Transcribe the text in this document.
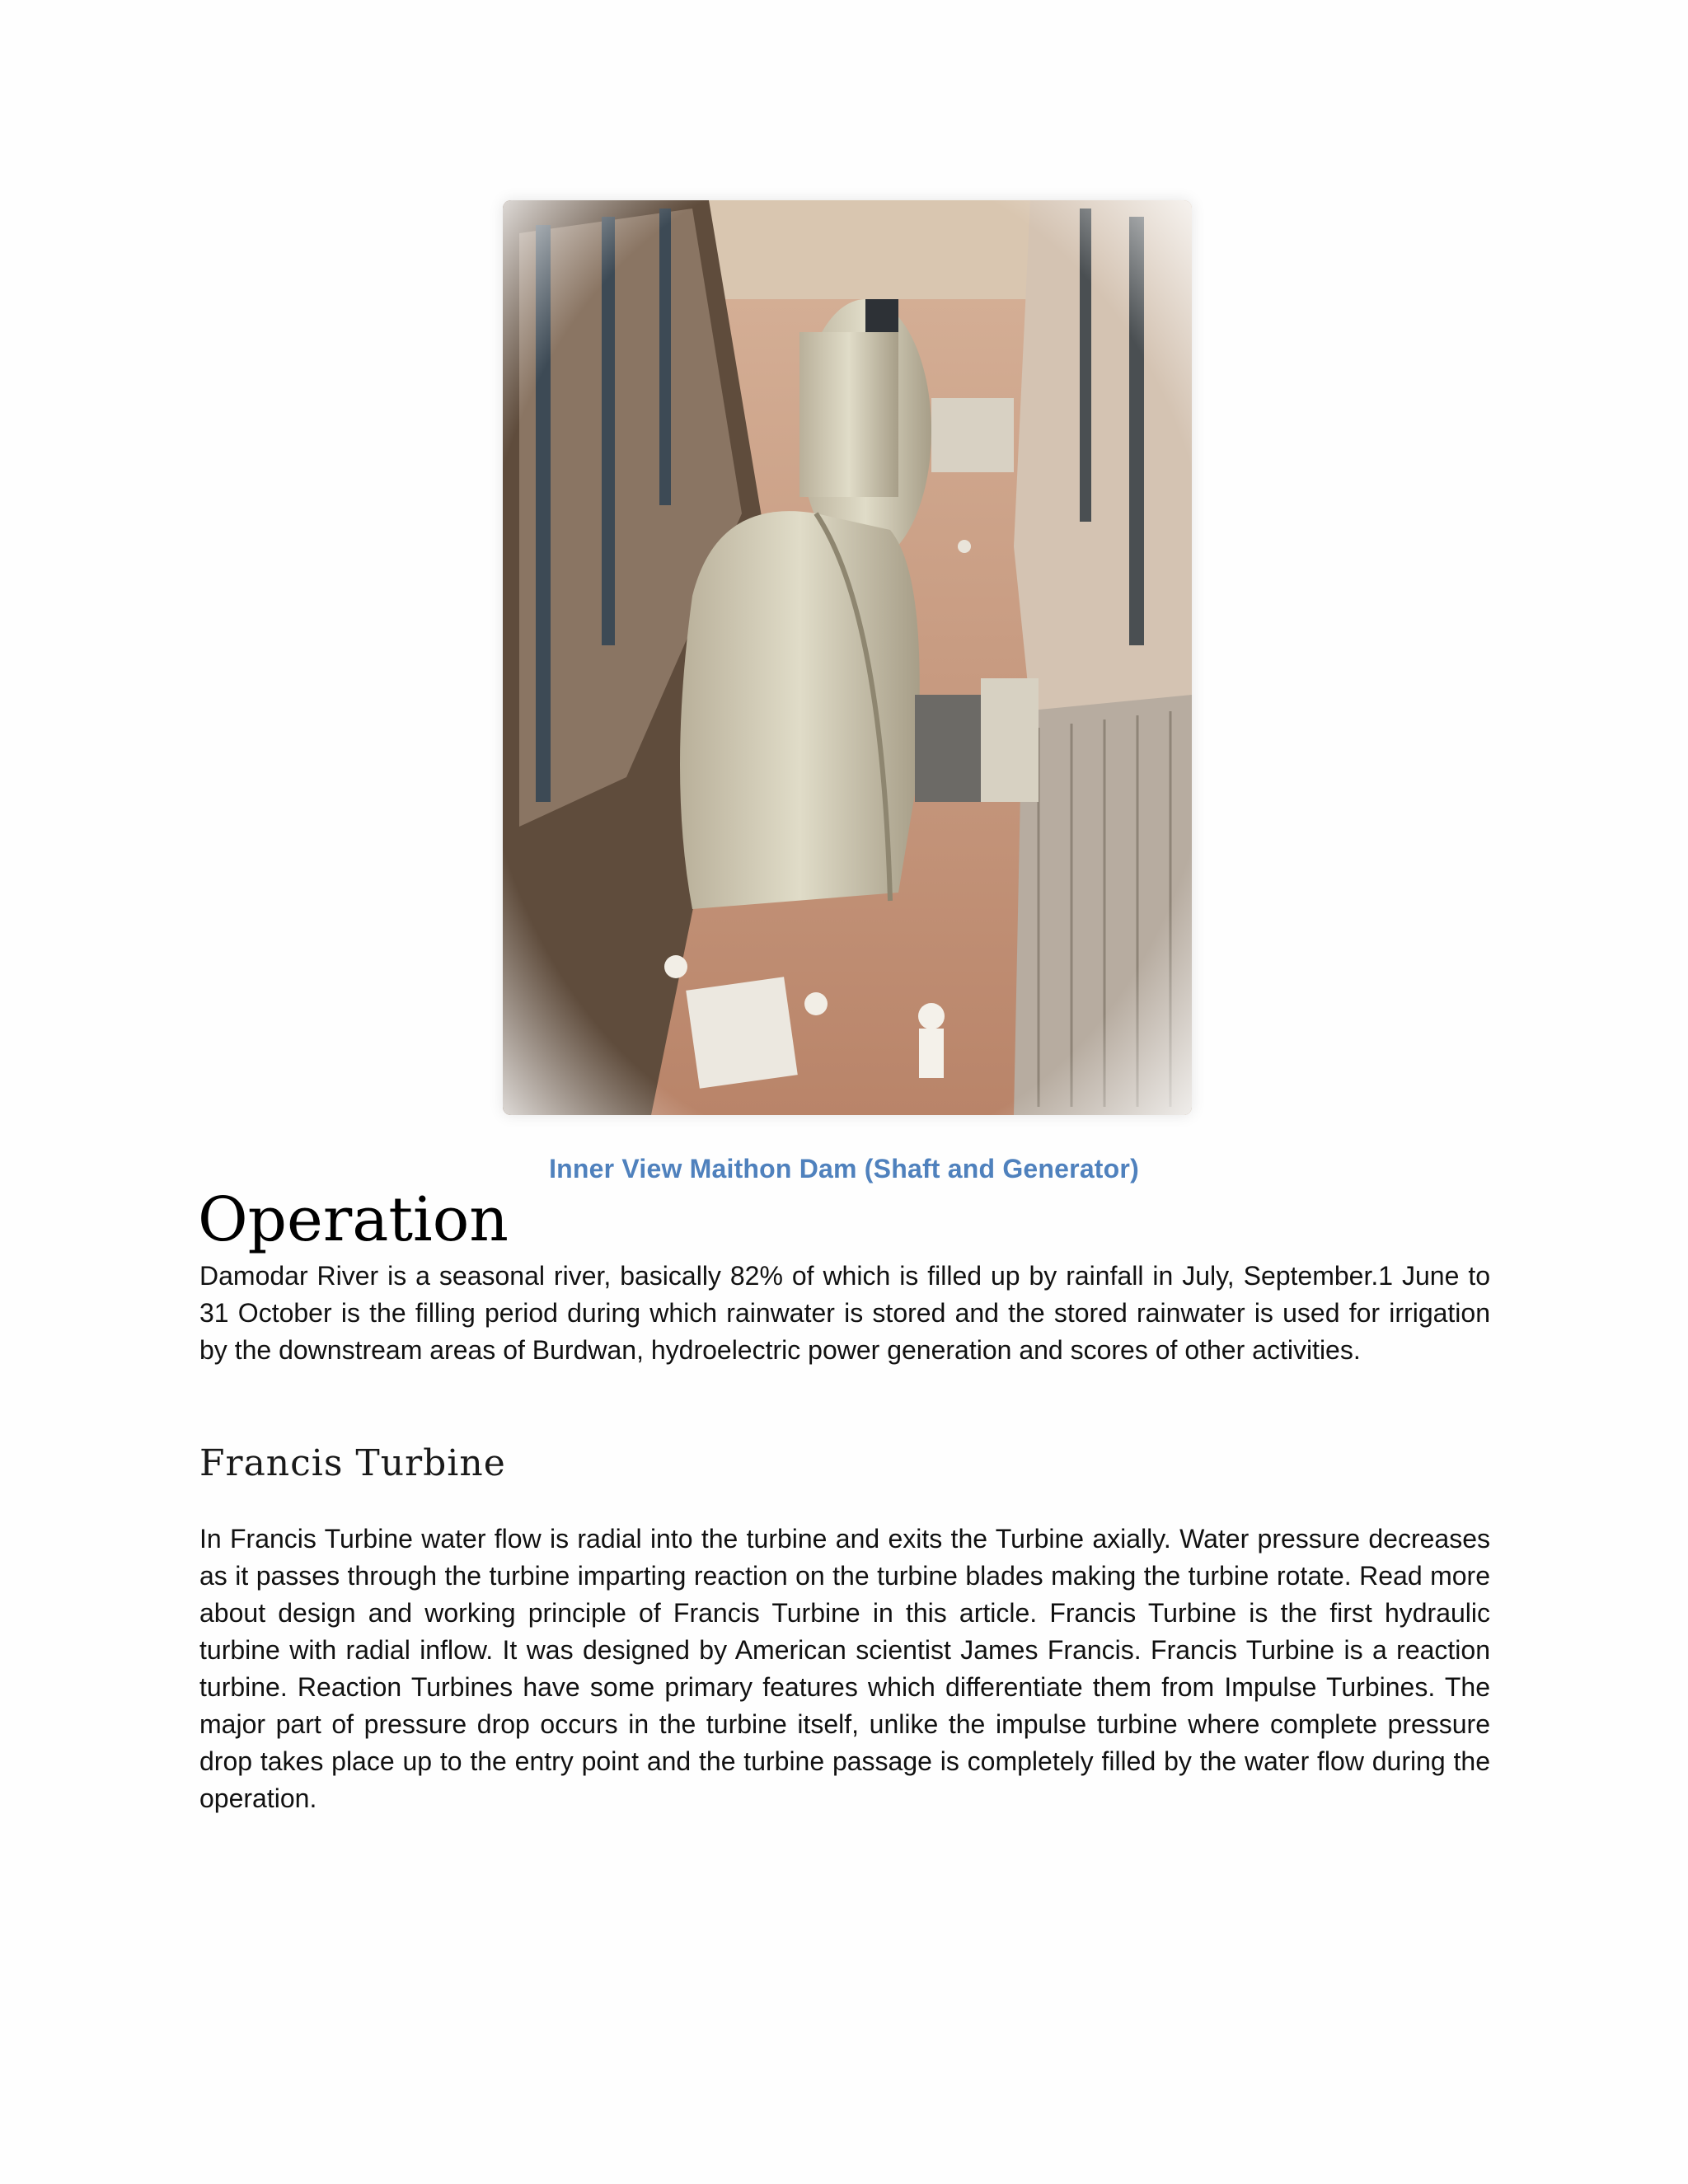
Inner View Maithon Dam (Shaft and Generator)
Operation
Damodar River is a seasonal river, basically 82% of which is filled up by rainfall in July, September.1 June to 31 October is the filling period during which rainwater is stored and the stored rainwater is used for irrigation by the downstream areas of Burdwan, hydroelectric power generation and scores of other activities.
Francis Turbine
In Francis Turbine water flow is radial into the turbine and exits the Turbine axially. Water pressure decreases as it passes through the turbine imparting reaction on the turbine blades making the turbine rotate. Read more about design and working principle of Francis Turbine in this article. Francis Turbine is the first hydraulic turbine with radial inflow. It was designed by American scientist James Francis. Francis Turbine is a reaction turbine. Reaction Turbines have some primary features which differentiate them from Impulse Turbines. The major part of pressure drop occurs in the turbine itself, unlike the impulse turbine where complete pressure drop takes place up to the entry point and the turbine passage is completely filled by the water flow during the operation.
